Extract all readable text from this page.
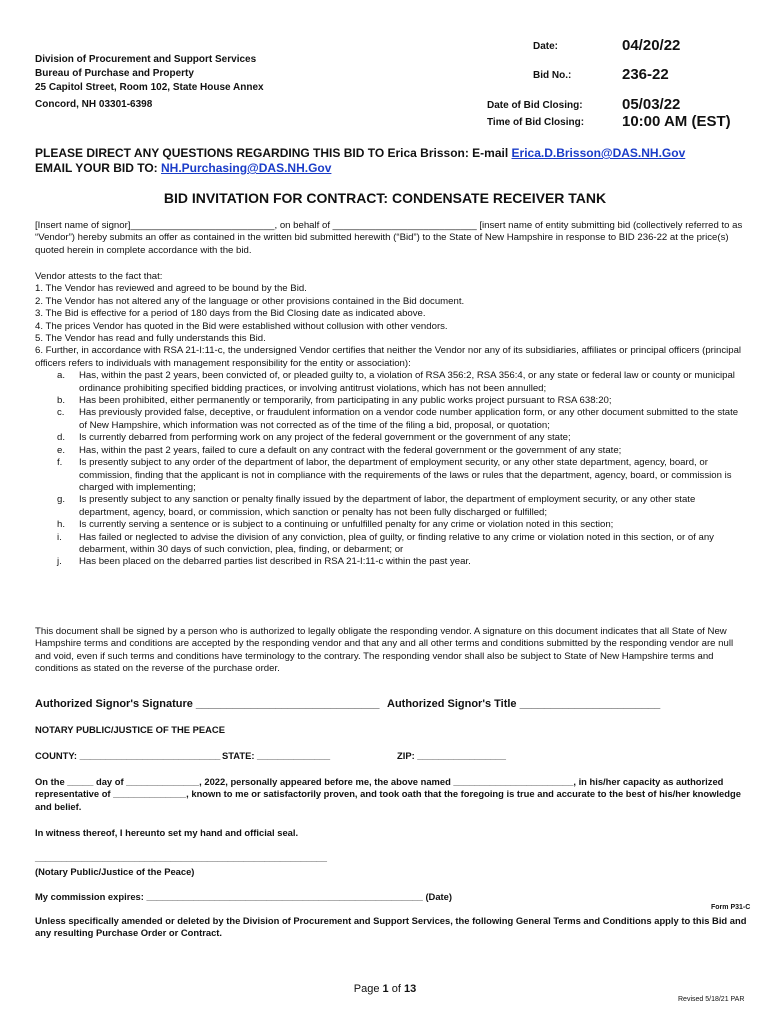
Division of Procurement and Support Services
Bureau of Purchase and Property
25 Capitol Street, Room 102, State House Annex
Concord, NH 03301-6398
Date:	04/20/22
Bid No.:	236-22
Date of Bid Closing:	05/03/22
Time of Bid Closing:	10:00 AM (EST)
PLEASE DIRECT ANY QUESTIONS REGARDING THIS BID TO Erica Brisson: E-mail Erica.D.Brisson@DAS.NH.Gov
EMAIL YOUR BID TO: NH.Purchasing@DAS.NH.Gov
BID INVITATION FOR CONTRACT: CONDENSATE RECEIVER TANK
[Insert name of signor]___________________________, on behalf of ___________________________ [insert name of entity submitting bid (collectively referred to as “Vendor”) hereby submits an offer as contained in the written bid submitted herewith (“Bid”) to the State of New Hampshire in response to BID 236-22 at the price(s) quoted herein in complete accordance with the bid.
Vendor attests to the fact that:
1. The Vendor has reviewed and agreed to be bound by the Bid.
2. The Vendor has not altered any of the language or other provisions contained in the Bid document.
3. The Bid is effective for a period of 180 days from the Bid Closing date as indicated above.
4. The prices Vendor has quoted in the Bid were established without collusion with other vendors.
5. The Vendor has read and fully understands this Bid.
6. Further, in accordance with RSA 21-I:11-c, the undersigned Vendor certifies that neither the Vendor nor any of its subsidiaries, affiliates or principal officers (principal officers refers to individuals with management responsibility for the entity or association):
a. Has, within the past 2 years, been convicted of, or pleaded guilty to, a violation of RSA 356:2, RSA 356:4, or any state or federal law or county or municipal ordinance prohibiting specified bidding practices, or involving antitrust violations, which has not been annulled;
b. Has been prohibited, either permanently or temporarily, from participating in any public works project pursuant to RSA 638:20;
c. Has previously provided false, deceptive, or fraudulent information on a vendor code number application form, or any other document submitted to the state of New Hampshire, which information was not corrected as of the time of the filing a bid, proposal, or quotation;
d. Is currently debarred from performing work on any project of the federal government or the government of any state;
e. Has, within the past 2 years, failed to cure a default on any contract with the federal government or the government of any state;
f. Is presently subject to any order of the department of labor, the department of employment security, or any other state department, agency, board, or commission, finding that the applicant is not in compliance with the requirements of the laws or rules that the department, agency, board, or commission is charged with implementing;
g. Is presently subject to any sanction or penalty finally issued by the department of labor, the department of employment security, or any other state department, agency, board, or commission, which sanction or penalty has not been fully discharged or fulfilled;
h. Is currently serving a sentence or is subject to a continuing or unfulfilled penalty for any crime or violation noted in this section;
i. Has failed or neglected to advise the division of any conviction, plea of guilty, or finding relative to any crime or violation noted in this section, or of any debarment, within 30 days of such conviction, plea, finding, or debarment; or
j. Has been placed on the debarred parties list described in RSA 21-I:11-c within the past year.
This document shall be signed by a person who is authorized to legally obligate the responding vendor. A signature on this document indicates that all State of New Hampshire terms and conditions are accepted by the responding vendor and that any and all other terms and conditions submitted by the responding vendor are null and void, even if such terms and conditions have terminology to the contrary. The responding vendor shall also be subject to State of New Hampshire terms and conditions as stated on the reverse of the purchase order.
Authorized Signor's Signature ______________________________ Authorized Signor's Title _______________________
NOTARY PUBLIC/JUSTICE OF THE PEACE
COUNTY: ___________________________ STATE: ______________	ZIP: _________________
On the _____ day of ______________, 2022, personally appeared before me, the above named _______________________, in his/her capacity as authorized representative of ______________, known to me or satisfactorily proven, and took oath that the foregoing is true and accurate to the best of his/her knowledge and belief.
In witness thereof, I hereunto set my hand and official seal.
________________________________________________________
(Notary Public/Justice of the Peace)
My commission expires: _____________________________________________________ (Date)
Form P31-C
Unless specifically amended or deleted by the Division of Procurement and Support Services, the following General Terms and Conditions apply to this Bid and any resulting Purchase Order or Contract.
Page 1 of 13
Revised 5/18/21 PAR
